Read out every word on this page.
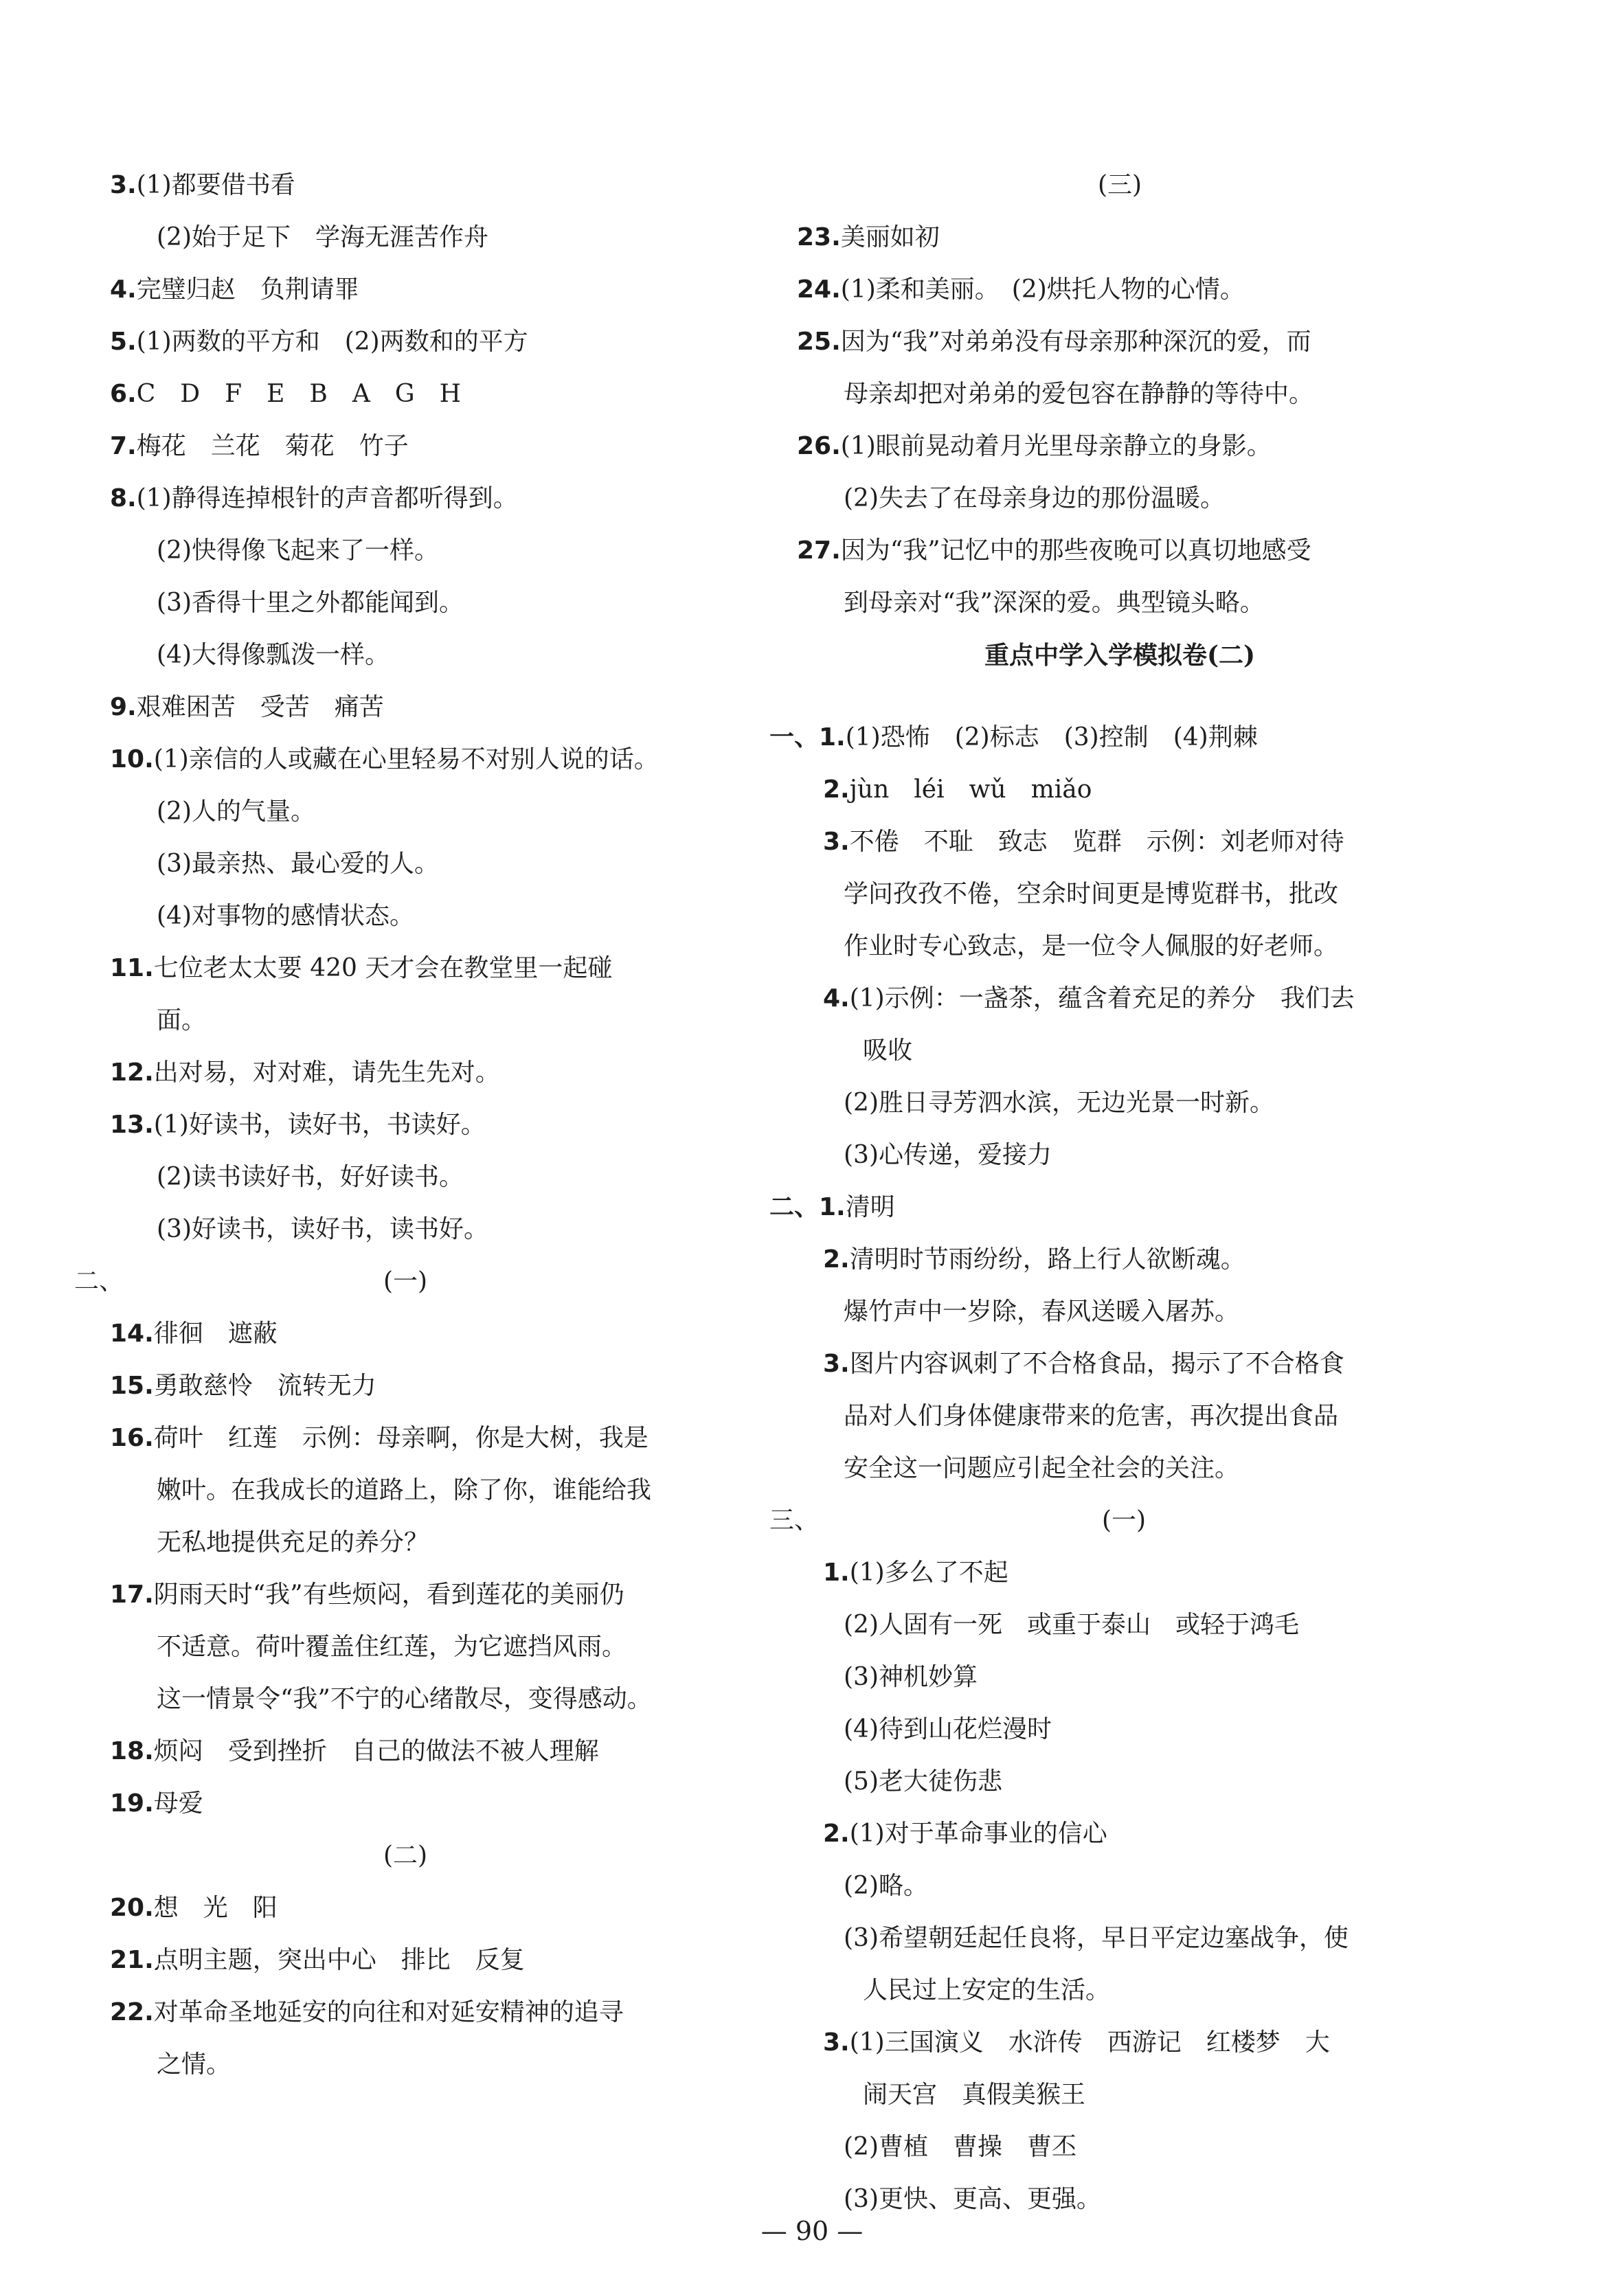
3.(1)都要借书看
(2)始于足下　学海无涯苦作舟
4.完璧归赵　负荆请罪
5.(1)两数的平方和　(2)两数和的平方
6.C　D　F　E　B　A　G　H
7.梅花　兰花　菊花　竹子
8.(1)静得连掉根针的声音都听得到。
(2)快得像飞起来了一样。
(3)香得十里之外都能闻到。
(4)大得像瓢泼一样。
9.艰难困苦　受苦　痛苦
10.(1)亲信的人或藏在心里轻易不对别人说的话。
(2)人的气量。
(3)最亲热、最心爱的人。
(4)对事物的感情状态。
11.七位老太太要 420 天才会在教堂里一起碰
面。
12.出对易，对对难，请先生先对。
13.(1)好读书，读好书，书读好。
(2)读书读好书，好好读书。
(3)好读书，读好书，读书好。
二、	(一)
14.徘徊　遮蔽
15.勇敢慈怜　流转无力
16.荷叶　红莲　示例：母亲啊，你是大树，我是
嫩叶。在我成长的道路上，除了你，谁能给我
无私地提供充足的养分？
17.阴雨天时“我”有些烦闷，看到莲花的美丽仍
不适意。荷叶覆盖住红莲，为它遮挡风雨。
这一情景令“我”不宁的心绪散尽，变得感动。
18.烦闷　受到挫折　自己的做法不被人理解
19.母爱
(二)
20.想　光　阳
21.点明主题，突出中心　排比　反复
22.对革命圣地延安的向往和对延安精神的追寻
之情。
(三)
23.美丽如初
24.(1)柔和美丽。　(2)烘托人物的心情。
25.因为“我”对弟弟没有母亲那种深沉的爱，而
母亲却把对弟弟的爱包容在静静的等待中。
26.(1)眼前晃动着月光里母亲静立的身影。
(2)失去了在母亲身边的那份温暖。
27.因为“我”记忆中的那些夜晚可以真切地感受
到母亲对“我”深深的爱。典型镜头略。
重点中学入学模拟卷(二)
一、1.(1)恐怖　(2)标志　(3)控制　(4)荆棘
2.jùn　léi　wǔ　miǎo
3.不倦　不耻　致志　览群　示例：刘老师对待
学问孜孜不倦，空余时间更是博览群书，批改
作业时专心致志，是一位令人佩服的好老师。
4.(1)示例：一盏茶，蕴含着充足的养分　我们去
吸收
(2)胜日寻芳泗水滨，无边光景一时新。
(3)心传递，爱接力
二、1.清明
2.清明时节雨纷纷，路上行人欲断魂。
爆竹声中一岁除，春风送暖入屠苏。
3.图片内容讽刺了不合格食品，揭示了不合格食
品对人们身体健康带来的危害，再次提出食品
安全这一问题应引起全社会的关注。
三、	(一)
1.(1)多么了不起
(2)人固有一死　或重于泰山　或轻于鸿毛
(3)神机妙算
(4)待到山花烂漫时
(5)老大徒伤悲
2.(1)对于革命事业的信心
(2)略。
(3)希望朝廷起任良将，早日平定边塞战争，使
人民过上安定的生活。
3.(1)三国演义　水浒传　西游记　红楼梦　大
闹天宫　真假美猴王
(2)曹植　曹操　曹丕
(3)更快、更高、更强。
— 90 —
